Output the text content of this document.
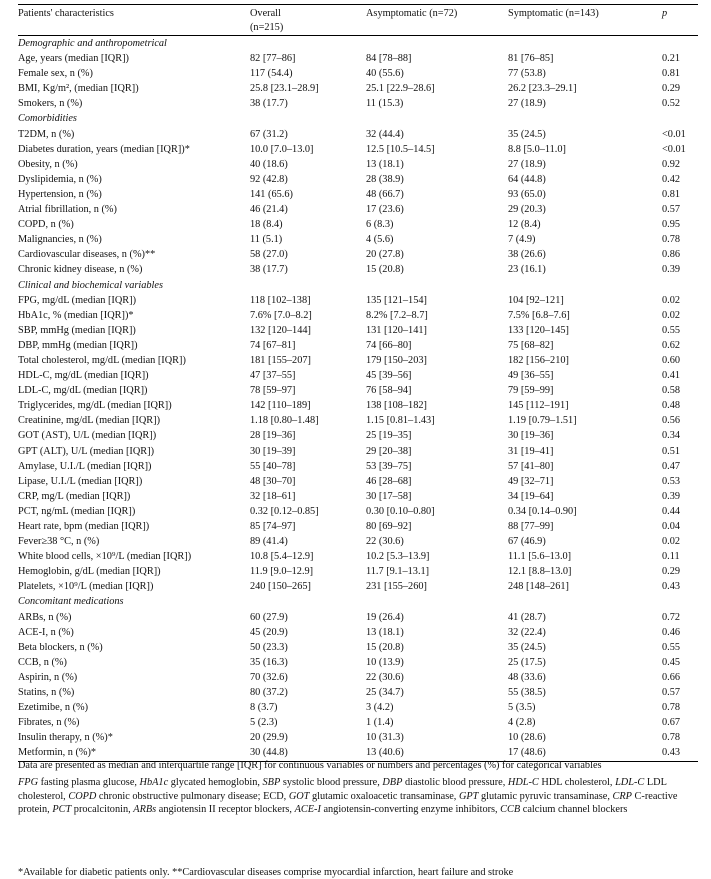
Patients' characteristics	Overall	Asymptomatic (n=72)	Symptomatic (n=143)	p
	(n=215)			
Demographic and anthropometrical				
Age, years (median [IQR])	82 [77–86]	84 [78–88]	81 [76–85]	0.21
Female sex, n (%)	117 (54.4)	40 (55.6)	77 (53.8)	0.81
BMI, Kg/m², (median [IQR])	25.8 [23.1–28.9]	25.1 [22.9–28.6]	26.2 [23.3–29.1]	0.29
Smokers, n (%)	38 (17.7)	11 (15.3)	27 (18.9)	0.52
Comorbidities				
T2DM, n (%)	67 (31.2)	32 (44.4)	35 (24.5)	<0.01
Diabetes duration, years (median [IQR])*	10.0 [7.0–13.0]	12.5 [10.5–14.5]	8.8 [5.0–11.0]	<0.01
Obesity, n (%)	40 (18.6)	13 (18.1)	27 (18.9)	0.92
Dyslipidemia, n (%)	92 (42.8)	28 (38.9)	64 (44.8)	0.42
Hypertension, n (%)	141 (65.6)	48 (66.7)	93 (65.0)	0.81
Atrial fibrillation, n (%)	46 (21.4)	17 (23.6)	29 (20.3)	0.57
COPD, n (%)	18 (8.4)	6 (8.3)	12 (8.4)	0.95
Malignancies, n (%)	11 (5.1)	4 (5.6)	7 (4.9)	0.78
Cardiovascular diseases, n (%)**	58 (27.0)	20 (27.8)	38 (26.6)	0.86
Chronic kidney disease, n (%)	38 (17.7)	15 (20.8)	23 (16.1)	0.39
Clinical and biochemical variables				
FPG, mg/dL (median [IQR])	118 [102–138]	135 [121–154]	104 [92–121]	0.02
HbA1c, % (median [IQR])*	7.6% [7.0–8.2]	8.2% [7.2–8.7]	7.5% [6.8–7.6]	0.02
SBP, mmHg (median [IQR])	132 [120–144]	131 [120–141]	133 [120–145]	0.55
DBP, mmHg (median [IQR])	74 [67–81]	74 [66–80]	75 [68–82]	0.62
Total cholesterol, mg/dL (median [IQR])	181 [155–207]	179 [150–203]	182 [156–210]	0.60
HDL-C, mg/dL (median [IQR])	47 [37–55]	45 [39–56]	49 [36–55]	0.41
LDL-C, mg/dL (median [IQR])	78 [59–97]	76 [58–94]	79 [59–99]	0.58
Triglycerides, mg/dL (median [IQR])	142 [110–189]	138 [108–182]	145 [112–191]	0.48
Creatinine, mg/dL (median [IQR])	1.18 [0.80–1.48]	1.15 [0.81–1.43]	1.19 [0.79–1.51]	0.56
GOT (AST), U/L (median [IQR])	28 [19–36]	25 [19–35]	30 [19–36]	0.34
GPT (ALT), U/L (median [IQR])	30 [19–39]	29 [20–38]	31 [19–41]	0.51
Amylase, U.I./L (median [IQR])	55 [40–78]	53 [39–75]	57 [41–80]	0.47
Lipase, U.I./L (median [IQR])	48 [30–70]	46 [28–68]	49 [32–71]	0.53
CRP, mg/L (median [IQR])	32 [18–61]	30 [17–58]	34 [19–64]	0.39
PCT, ng/mL (median [IQR])	0.32 [0.12–0.85]	0.30 [0.10–0.80]	0.34 [0.14–0.90]	0.44
Heart rate, bpm (median [IQR])	85 [74–97]	80 [69–92]	88 [77–99]	0.04
Fever≥38 °C, n (%)	89 (41.4)	22 (30.6)	67 (46.9)	0.02
White blood cells, ×10⁹/L (median [IQR])	10.8 [5.4–12.9]	10.2 [5.3–13.9]	11.1 [5.6–13.0]	0.11
Hemoglobin, g/dL (median [IQR])	11.9 [9.0–12.9]	11.7 [9.1–13.1]	12.1 [8.8–13.0]	0.29
Platelets, ×10⁹/L (median [IQR])	240 [150–265]	231 [155–260]	248 [148–261]	0.43
Concomitant medications				
ARBs, n (%)	60 (27.9)	19 (26.4)	41 (28.7)	0.72
ACE-I, n (%)	45 (20.9)	13 (18.1)	32 (22.4)	0.46
Beta blockers, n (%)	50 (23.3)	15 (20.8)	35 (24.5)	0.55
CCB, n (%)	35 (16.3)	10 (13.9)	25 (17.5)	0.45
Aspirin, n (%)	70 (32.6)	22 (30.6)	48 (33.6)	0.66
Statins, n (%)	80 (37.2)	25 (34.7)	55 (38.5)	0.57
Ezetimibe, n (%)	8 (3.7)	3 (4.2)	5 (3.5)	0.78
Fibrates, n (%)	5 (2.3)	1 (1.4)	4 (2.8)	0.67
Insulin therapy, n (%)*	20 (29.9)	10 (31.3)	10 (28.6)	0.78
Metformin, n (%)*	30 (44.8)	13 (40.6)	17 (48.6)	0.43

Data are presented as median and interquartile range [IQR] for continuous variables or numbers and percentages (%) for categorical variables

FPG fasting plasma glucose, HbA1c glycated hemoglobin, SBP systolic blood pressure, DBP diastolic blood pressure, HDL-C HDL cholesterol, LDL-C LDL cholesterol, COPD chronic obstructive pulmonary disease; ECD, GOT glutamic oxaloacetic transaminase, GPT glutamic pyruvic transaminase, CRP C-reactive protein, PCT procalcitonin, ARBs angiotensin II receptor blockers, ACE-I angiotensin-converting enzyme inhibitors, CCB calcium channel blockers

*Available for diabetic patients only. **Cardiovascular diseases comprise myocardial infarction, heart failure and stroke
